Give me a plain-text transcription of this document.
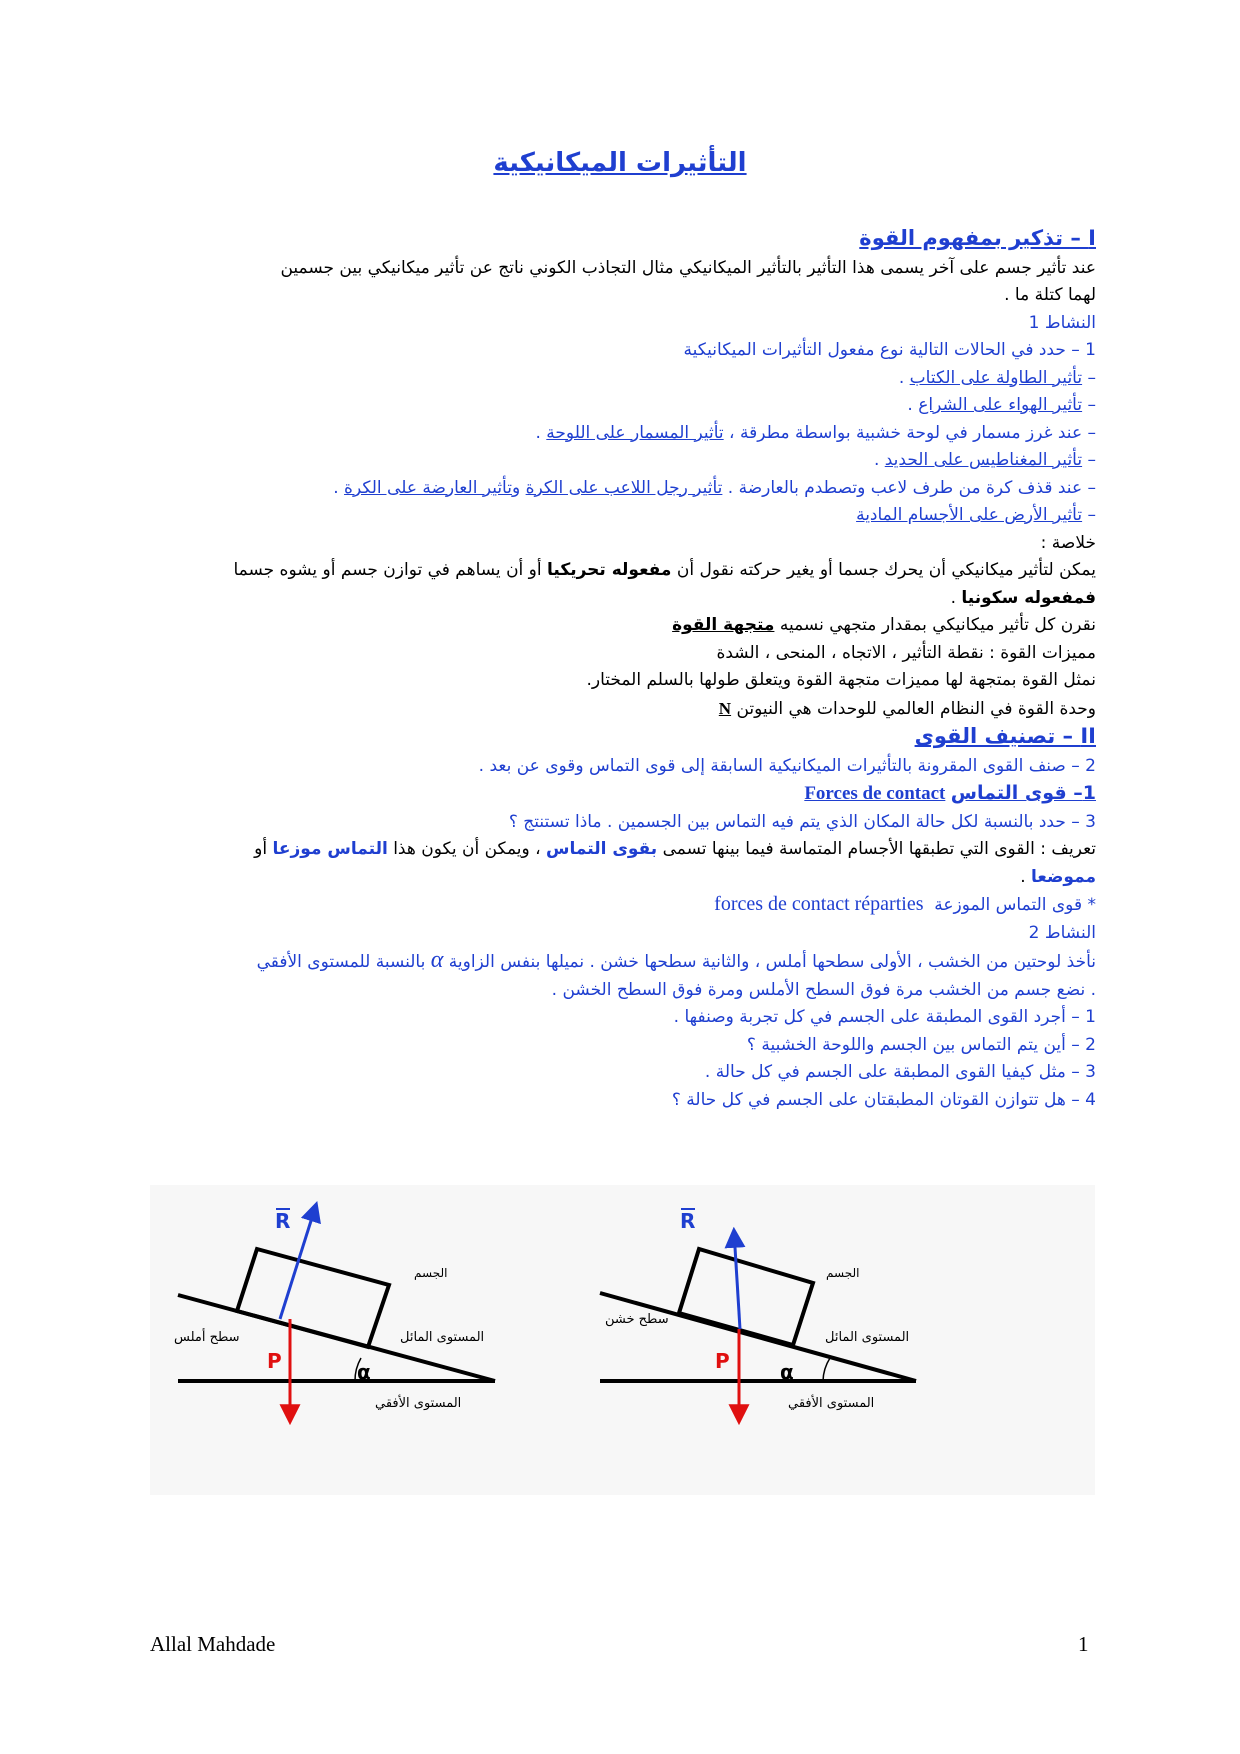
التأثيرات الميكانيكية
I – تذكير بمفهوم القوة
عند تأثير جسم على آخر يسمى هذا التأثير بالتأثير الميكانيكي مثال التجاذب الكوني ناتج عن تأثير ميكانيكي بين جسمين
لهما كتلة ما .
النشاط 1
1 – حدد في الحالات التالية نوع مفعول التأثيرات الميكانيكية
– تأثير الطاولة على الكتاب .
– تأثير الهواء على الشراع .
– عند غرز مسمار في لوحة خشبية بواسطة مطرقة ، تأثير المسمار على اللوحة .
– تأثير المغناطيس على الحديد .
– عند قذف كرة من طرف لاعب وتصطدم بالعارضة . تأثير رجل اللاعب على الكرة وتأثير العارضة على الكرة .
– تأثير الأرض على الأجسام المادية
خلاصة :
يمكن لتأثير ميكانيكي أن يحرك جسما أو يغير حركته نقول أن مفعوله تحريكيا أو أن يساهم في توازن جسم أو يشوه جسما
فمفعوله سكونيا .
نقرن كل تأثير ميكانيكي بمقدار متجهي نسميه متجهة القوة
مميزات القوة : نقطة التأثير ، الاتجاه ، المنحى ، الشدة
نمثل القوة بمتجهة لها مميزات متجهة القوة ويتعلق طولها بالسلم المختار.
وحدة القوة في النظام العالمي للوحدات هي النيوتن N
II – تصنيف القوى
2 – صنف القوى المقرونة بالتأثيرات الميكانيكية السابقة إلى قوى التماس وقوى عن بعد .
1– قوى التماس Forces de contact
3 – حدد بالنسبة لكل حالة المكان الذي يتم فيه التماس بين الجسمين . ماذا تستنتج ؟
تعريف : القوى التي تطبقها الأجسام المتماسة فيما بينها تسمى بقوى التماس ، ويمكن أن يكون هذا التماس موزعا أو
مموضعا .
* قوى التماس الموزعة  forces de contact réparties
النشاط 2
نأخذ لوحتين من الخشب ، الأولى سطحها أملس ، والثانية سطحها خشن . نميلها بنفس الزاوية α بالنسبة للمستوى الأفقي
. نضع جسم من الخشب مرة فوق السطح الأملس ومرة فوق السطح الخشن .
1 – أجرد القوى المطبقة على الجسم في كل تجربة وصنفها .
2 – أين يتم التماس بين الجسم واللوحة الخشبية ؟
3 – مثل كيفيا القوى المطبقة على الجسم في كل حالة .
4 – هل تتوازن القوتان المطبقتان على الجسم في كل حالة ؟
R
P	α
الجسم
سطح أملس	المستوى المائل
المستوى الأفقي
R
P	α
الجسم
سطح خشن
المستوى المائل
المستوى الأفقي
Allal Mahdade	1
